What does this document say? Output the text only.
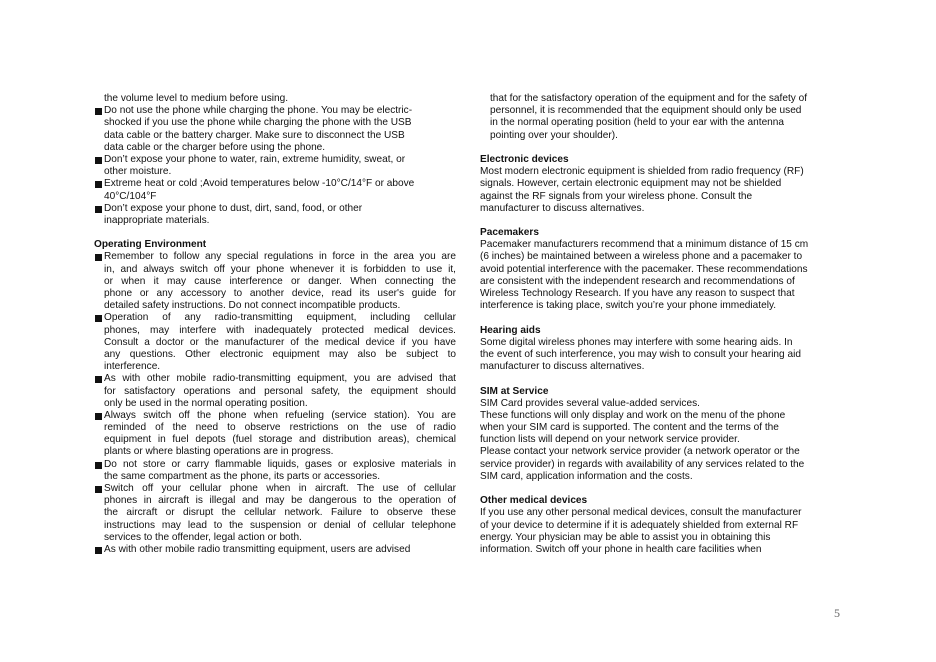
the volume level to medium before using.
Do not use the phone while charging the phone. You may be electric-
shocked if you use the phone while charging the phone with the USB
data cable or the battery charger. Make sure to disconnect the USB
data cable or the charger before using the phone.
Don’t expose your phone to water, rain, extreme humidity, sweat, or
other moisture.
Extreme heat or cold ;Avoid temperatures below -10°C/14°F or above
40°C/104°F
Don’t expose your phone to dust, dirt, sand, food, or other
inappropriate materials.
Operating Environment
Remember to follow any special regulations in force in the area you are
in, and always switch off your phone whenever it is forbidden to use it,
or when it may cause interference or danger. When connecting the
phone or any accessory to another device, read its user's guide for
detailed safety instructions. Do not connect incompatible products.
Operation of any radio-transmitting equipment, including cellular
phones, may interfere with inadequately protected medical devices.
Consult a doctor or the manufacturer of the medical device if you have
any questions. Other electronic equipment may also be subject to
interference.
As with other mobile radio-transmitting equipment, you are advised that
for satisfactory operations and personal safety, the equipment should
only be used in the normal operating position.
Always switch off the phone when refueling (service station). You are
reminded of the need to observe restrictions on the use of radio
equipment in fuel depots (fuel storage and distribution areas), chemical
plants or where blasting operations are in progress.
Do not store or carry flammable liquids, gases or explosive materials in
the same compartment as the phone, its parts or accessories.
Switch off your cellular phone when in aircraft. The use of cellular
phones in aircraft is illegal and may be dangerous to the operation of
the aircraft or disrupt the cellular network. Failure to observe these
instructions may lead to the suspension or denial of cellular telephone
services to the offender, legal action or both.
As with other mobile radio transmitting equipment, users are advised
that for the satisfactory operation of the equipment and for the safety of
personnel, it is recommended that the equipment should only be used
in the normal operating position (held to your ear with the antenna
pointing over your shoulder).
Electronic devices
Most modern electronic equipment is shielded from radio frequency (RF)
signals. However, certain electronic equipment may not be shielded
against the RF signals from your wireless phone. Consult the
manufacturer to discuss alternatives.
Pacemakers
Pacemaker manufacturers recommend that a minimum distance of 15 cm
(6 inches) be maintained between a wireless phone and a pacemaker to
avoid potential interference with the pacemaker. These recommendations
are consistent with the independent research and recommendations of
Wireless Technology Research. If you have any reason to suspect that
interference is taking place, switch you’re your phone immediately.
Hearing aids
Some digital wireless phones may interfere with some hearing aids. In
the event of such interference, you may wish to consult your hearing aid
manufacturer to discuss alternatives.
SIM at Service
SIM Card provides several value-added services.
These functions will only display and work on the menu of the phone
when your SIM card is supported. The content and the terms of the
function lists will depend on your network service provider.
Please contact your network service provider (a network operator or the
service provider) in regards with availability of any services related to the
SIM card, application information and the costs.
Other medical devices
If you use any other personal medical devices, consult the manufacturer
of your device to determine if it is adequately shielded from external RF
energy. Your physician may be able to assist you in obtaining this
information. Switch off your phone in health care facilities when
5
